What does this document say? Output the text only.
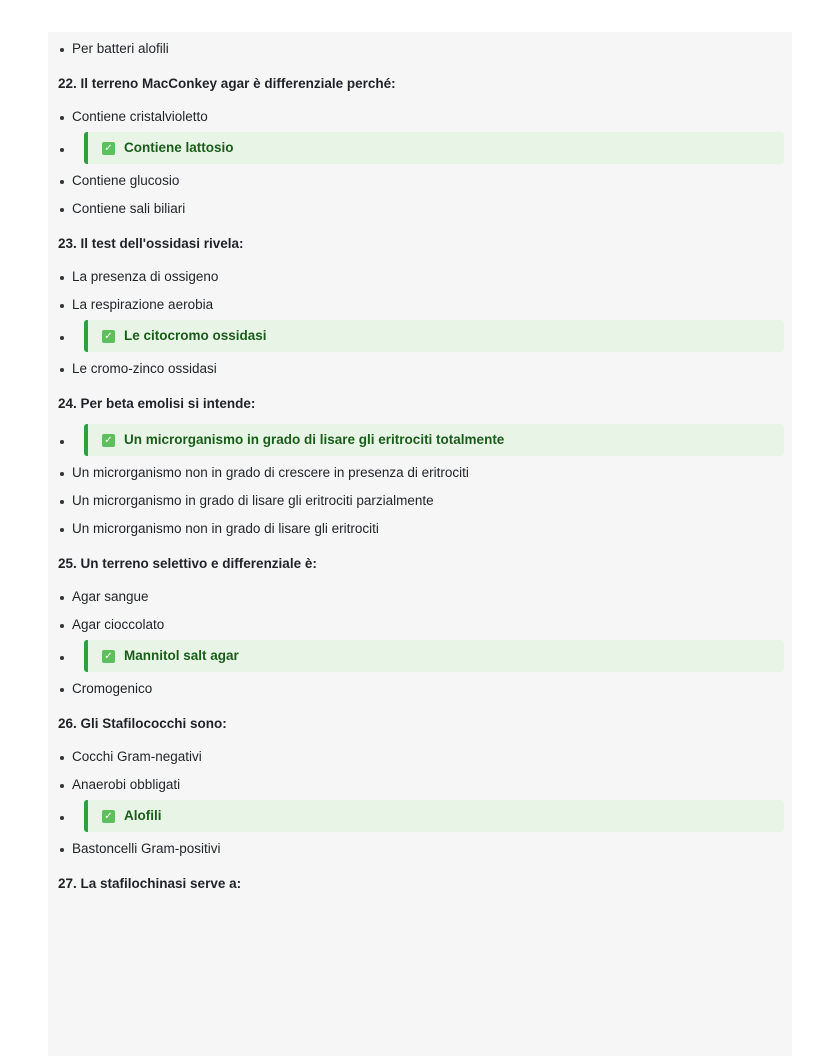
Per batteri alofili
22. Il terreno MacConkey agar è differenziale perché:
Contiene cristalvioletto
✓ Contiene lattosio
Contiene glucosio
Contiene sali biliari
23. Il test dell'ossidasi rivela:
La presenza di ossigeno
La respirazione aerobia
✓ Le citocromo ossidasi
Le cromo-zinco ossidasi
24. Per beta emolisi si intende:
✓ Un microrganismo in grado di lisare gli eritrociti totalmente
Un microrganismo non in grado di crescere in presenza di eritrociti
Un microrganismo in grado di lisare gli eritrociti parzialmente
Un microrganismo non in grado di lisare gli eritrociti
25. Un terreno selettivo e differenziale è:
Agar sangue
Agar cioccolato
✓ Mannitol salt agar
Cromogenico
26. Gli Stafilococchi sono:
Cocchi Gram-negativi
Anaerobi obbligati
✓ Alofili
Bastoncelli Gram-positivi
27. La stafilochinasi serve a:
